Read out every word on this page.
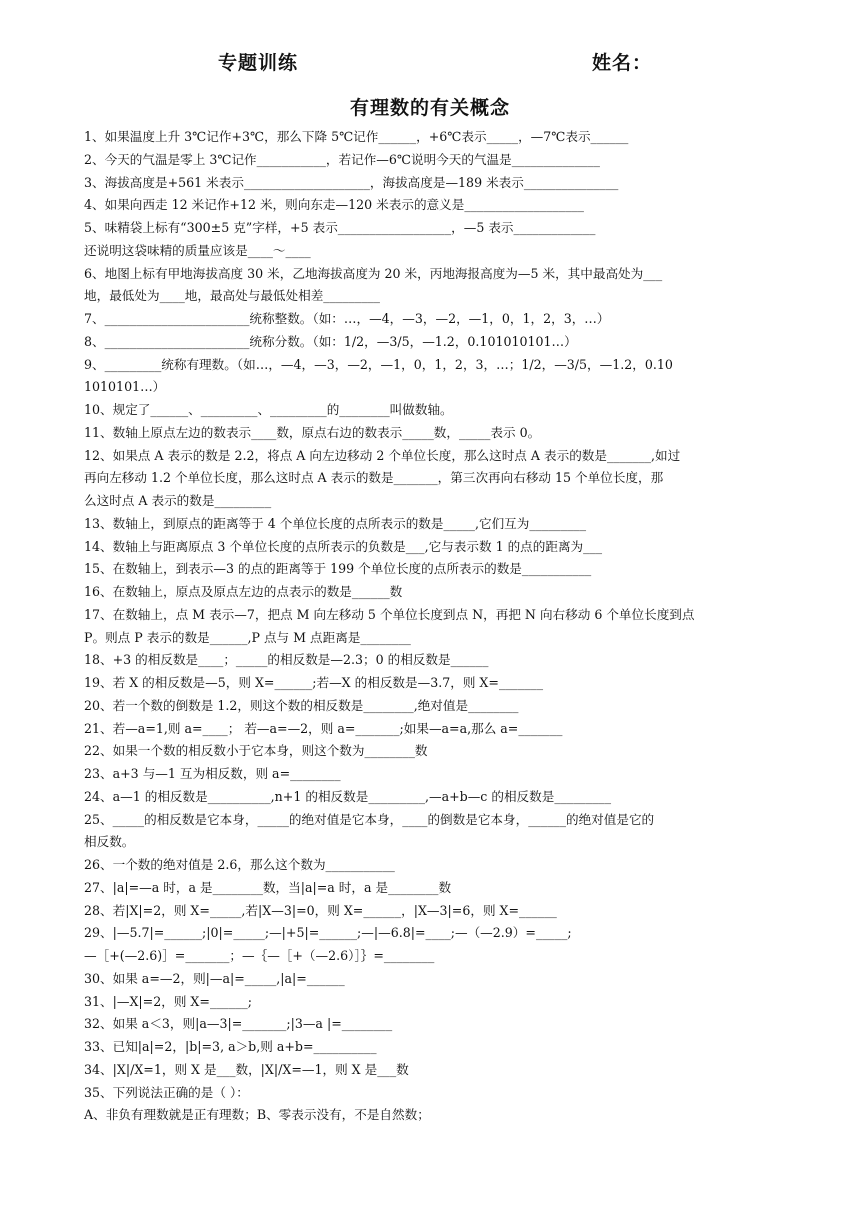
专题训练	姓名：
有理数的有关概念
1、如果温度上升 3℃记作+3℃，那么下降 5℃记作______，+6℃表示_____，—7℃表示______
2、今天的气温是零上 3℃记作___________，若记作—6℃说明今天的气温是______________
3、海拔高度是+561 米表示____________________，海拔高度是—189 米表示_______________
4、如果向西走 12 米记作+12 米，则向东走—120 米表示的意义是___________________
5、味精袋上标有“300±5 克”字样，+5 表示__________________，—5 表示_____________
还说明这袋味精的质量应该是____～____
6、地图上标有甲地海拔高度 30 米，乙地海拔高度为 20 米，丙地海报高度为—5 米，其中最高处为___
地，最低处为____地，最高处与最低处相差_________
7、_______________________统称整数。（如：…，—4，—3，—2，—1，0，1，2，3，…）
8、_______________________统称分数。（如：1/2，—3/5，—1.2，0.101010101…）
9、_________统称有理数。（如…，—4，—3，—2，—1，0，1，2，3，…；1/2，—3/5，—1.2，0.10
1010101…）
10、规定了______、_________、_________的________叫做数轴。
11、数轴上原点左边的数表示____数，原点右边的数表示_____数，_____表示 0。
12、如果点 A 表示的数是 2.2，将点 A 向左边移动 2 个单位长度，那么这时点 A 表示的数是_______,如过
再向左移动 1.2 个单位长度，那么这时点 A 表示的数是_______，第三次再向右移动 15 个单位长度，那
么这时点 A 表示的数是_________
13、数轴上，到原点的距离等于 4 个单位长度的点所表示的数是_____,它们互为_________
14、数轴上与距离原点 3 个单位长度的点所表示的负数是___,它与表示数 1 的点的距离为___
15、在数轴上，到表示—3 的点的距离等于 199 个单位长度的点所表示的数是___________
16、在数轴上，原点及原点左边的点表示的数是______数
17、在数轴上，点 M 表示—7，把点 M 向左移动 5 个单位长度到点 N，再把 N 向右移动 6 个单位长度到点
P。则点 P 表示的数是______,P 点与 M 点距离是________
18、+3 的相反数是____；_____的相反数是—2.3；0 的相反数是______
19、若 X 的相反数是—5，则 X=______;若—X 的相反数是—3.7，则 X=_______
20、若一个数的倒数是 1.2，则这个数的相反数是________,绝对值是________
21、若—a=1,则 a=____； 若—a=—2，则 a=_______;如果—a=a,那么 a=_______
22、如果一个数的相反数小于它本身，则这个数为________数
23、a+3 与—1 互为相反数，则 a=________
24、a—1 的相反数是__________,n+1 的相反数是_________,—a+b—c 的相反数是_________
25、_____的相反数是它本身，_____的绝对值是它本身，____的倒数是它本身，______的绝对值是它的
相反数。
26、一个数的绝对值是 2.6，那么这个数为___________
27、|a|=—a 时，a 是________数，当|a|=a 时，a 是________数
28、若|X|=2，则 X=_____,若|X—3|=0，则 X=______，|X—3|=6，则 X=______
29、|—5.7|=______;|0|=_____;—|+5|=______;—|—6.8|=____;—（—2.9）=_____;
—［+(—2.6)］=_______；—｛—［+（—2.6）］｝=________
30、如果 a=—2，则|—a|=_____,|a|=______
31、|—X|=2，则 X=______;
32、如果 a＜3，则|a—3|=_______;|3—a |=________
33、已知|a|=2，|b|=3, a＞b,则 a+b=__________
34、|X|/X=1，则 X 是___数，|X|/X=—1，则 X 是___数
35、下列说法正确的是（ ）：
A、非负有理数就是正有理数；B、零表示没有，不是自然数；
